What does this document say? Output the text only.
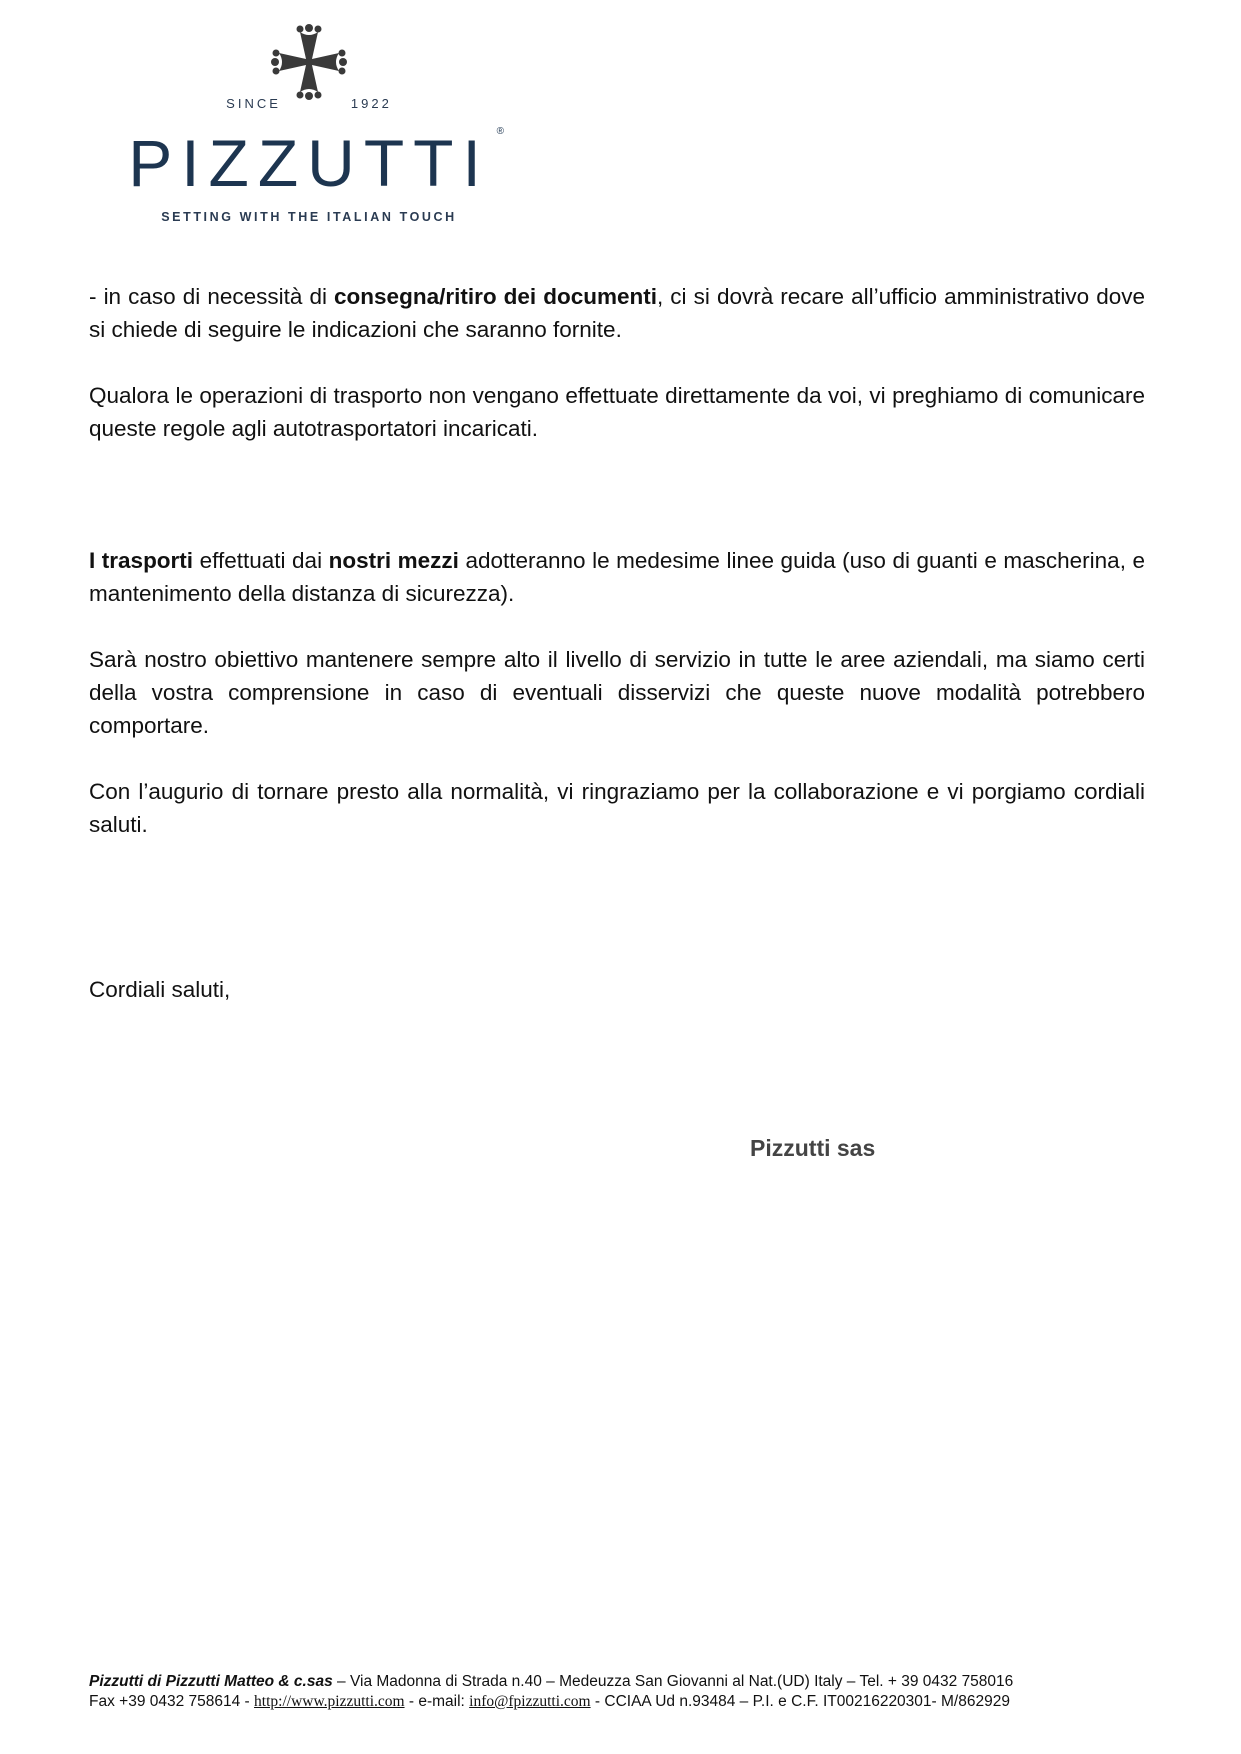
SINCE	1922
PIZZUTTI ®
SETTING WITH THE ITALIAN TOUCH

- in caso di necessità di consegna/ritiro dei documenti, ci si dovrà recare all’ufficio amministrativo dove si chiede di seguire le indicazioni che saranno fornite.

Qualora le operazioni di trasporto non vengano effettuate direttamente da voi, vi preghiamo di comunicare queste regole agli autotrasportatori incaricati.

I trasporti effettuati dai nostri mezzi adotteranno le medesime linee guida (uso di guanti e mascherina, e mantenimento della distanza di sicurezza).

Sarà nostro obiettivo mantenere sempre alto il livello di servizio in tutte le aree aziendali, ma siamo certi della vostra comprensione in caso di eventuali disservizi che queste nuove modalità potrebbero comportare.

Con l’augurio di tornare presto alla normalità, vi ringraziamo per la collaborazione e vi porgiamo cordiali saluti.

Cordiali saluti,

Pizzutti sas
Pizzutti di Pizzutti Matteo & c.sas – Via Madonna di Strada n.40 – Medeuzza San Giovanni al Nat.(UD) Italy – Tel. + 39 0432 758016
Fax +39 0432 758614 - http://www.pizzutti.com - e-mail: info@fpizzutti.com - CCIAA Ud n.93484 – P.I. e C.F. IT00216220301- M/862929
